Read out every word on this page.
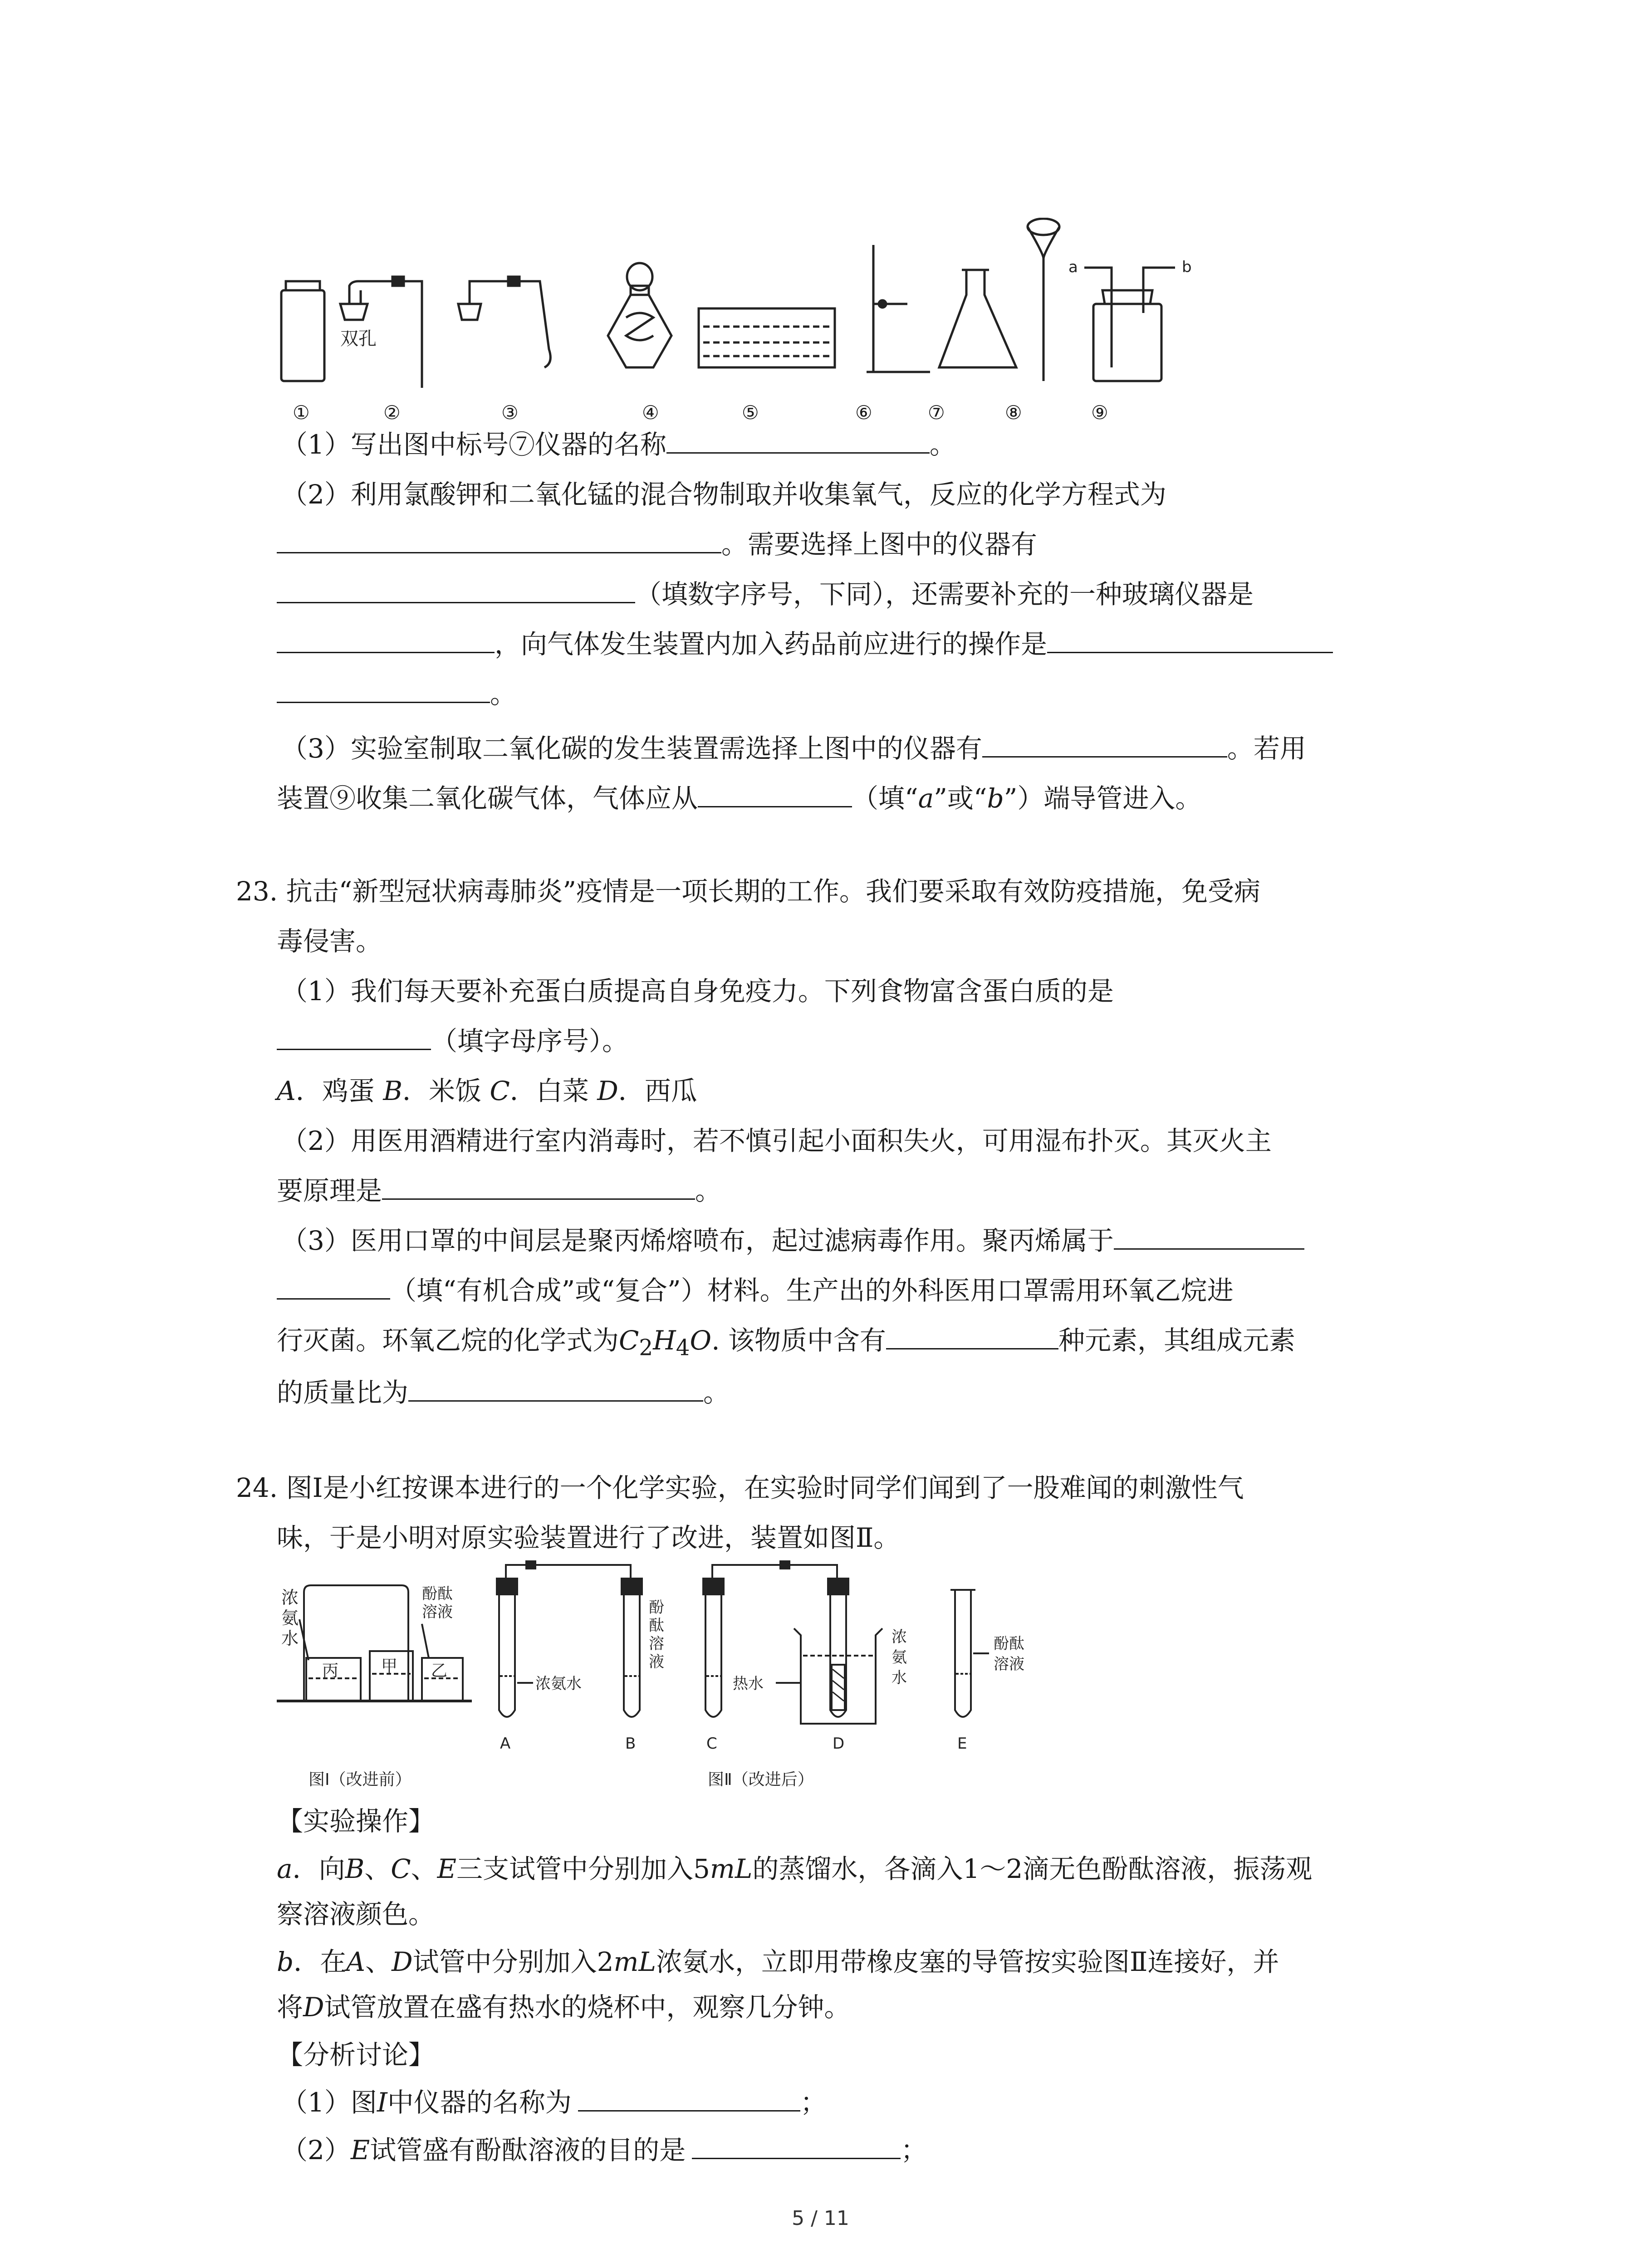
双孔
a	b
①	②	③	④	⑤	⑥	⑦	⑧	⑨
（1）写出图中标号⑦仪器的名称	。
（2）利用氯酸钾和二氧化锰的混合物制取并收集氧气，反应的化学方程式为
。需要选择上图中的仪器有
（填数字序号，下同），还需要补充的一种玻璃仪器是
，向气体发生装置内加入药品前应进行的操作是
。
（3）实验室制取二氧化碳的发生装置需选择上图中的仪器有	。若用
装置⑨收集二氧化碳气体，气体应从	（填“a”或“b”）端导管进入。
23. 抗击“新型冠状病毒肺炎”疫情是一项长期的工作。我们要采取有效防疫措施，免受病
毒侵害。
（1）我们每天要补充蛋白质提高自身免疫力。下列食物富含蛋白质的是
（填字母序号）。
A．鸡蛋 B．米饭 C．白菜 D．西瓜
（2）用医用酒精进行室内消毒时，若不慎引起小面积失火，可用湿布扑灭。其灭火主
要原理是	。
（3）医用口罩的中间层是聚丙烯熔喷布，起过滤病毒作用。聚丙烯属于
（填“有机合成”或“复合”）材料。生产出的外科医用口罩需用环氧乙烷进
行灭菌。环氧乙烷的化学式为$C_2H_4O$. 该物质中含有	种元素，其组成元素
的质量比为	。
24. 图Ⅰ是小红按课本进行的一个化学实验，在实验时同学们闻到了一股难闻的刺激性气
味，于是小明对原实验装置进行了改进，装置如图Ⅱ。
浓
氨
水
酚酞
溶液
丙	甲 乙
浓氨水
酚
酞
溶
液
A	B
热水
浓
氨
水
C	D
酚酞
溶液
E
图Ⅰ（改进前）	图Ⅱ（改进后）
【实验操作】
a．向B、C、E三支试管中分别加入5mL的蒸馏水，各滴入1～2滴无色酚酞溶液，振荡观
察溶液颜色。
b．在A、D试管中分别加入2mL浓氨水，立即用带橡皮塞的导管按实验图Ⅱ连接好，并
将D试管放置在盛有热水的烧杯中，观察几分钟。
【分析讨论】
（1）图I中仪器的名称为	；
（2）E试管盛有酚酞溶液的目的是	；
5 / 11
